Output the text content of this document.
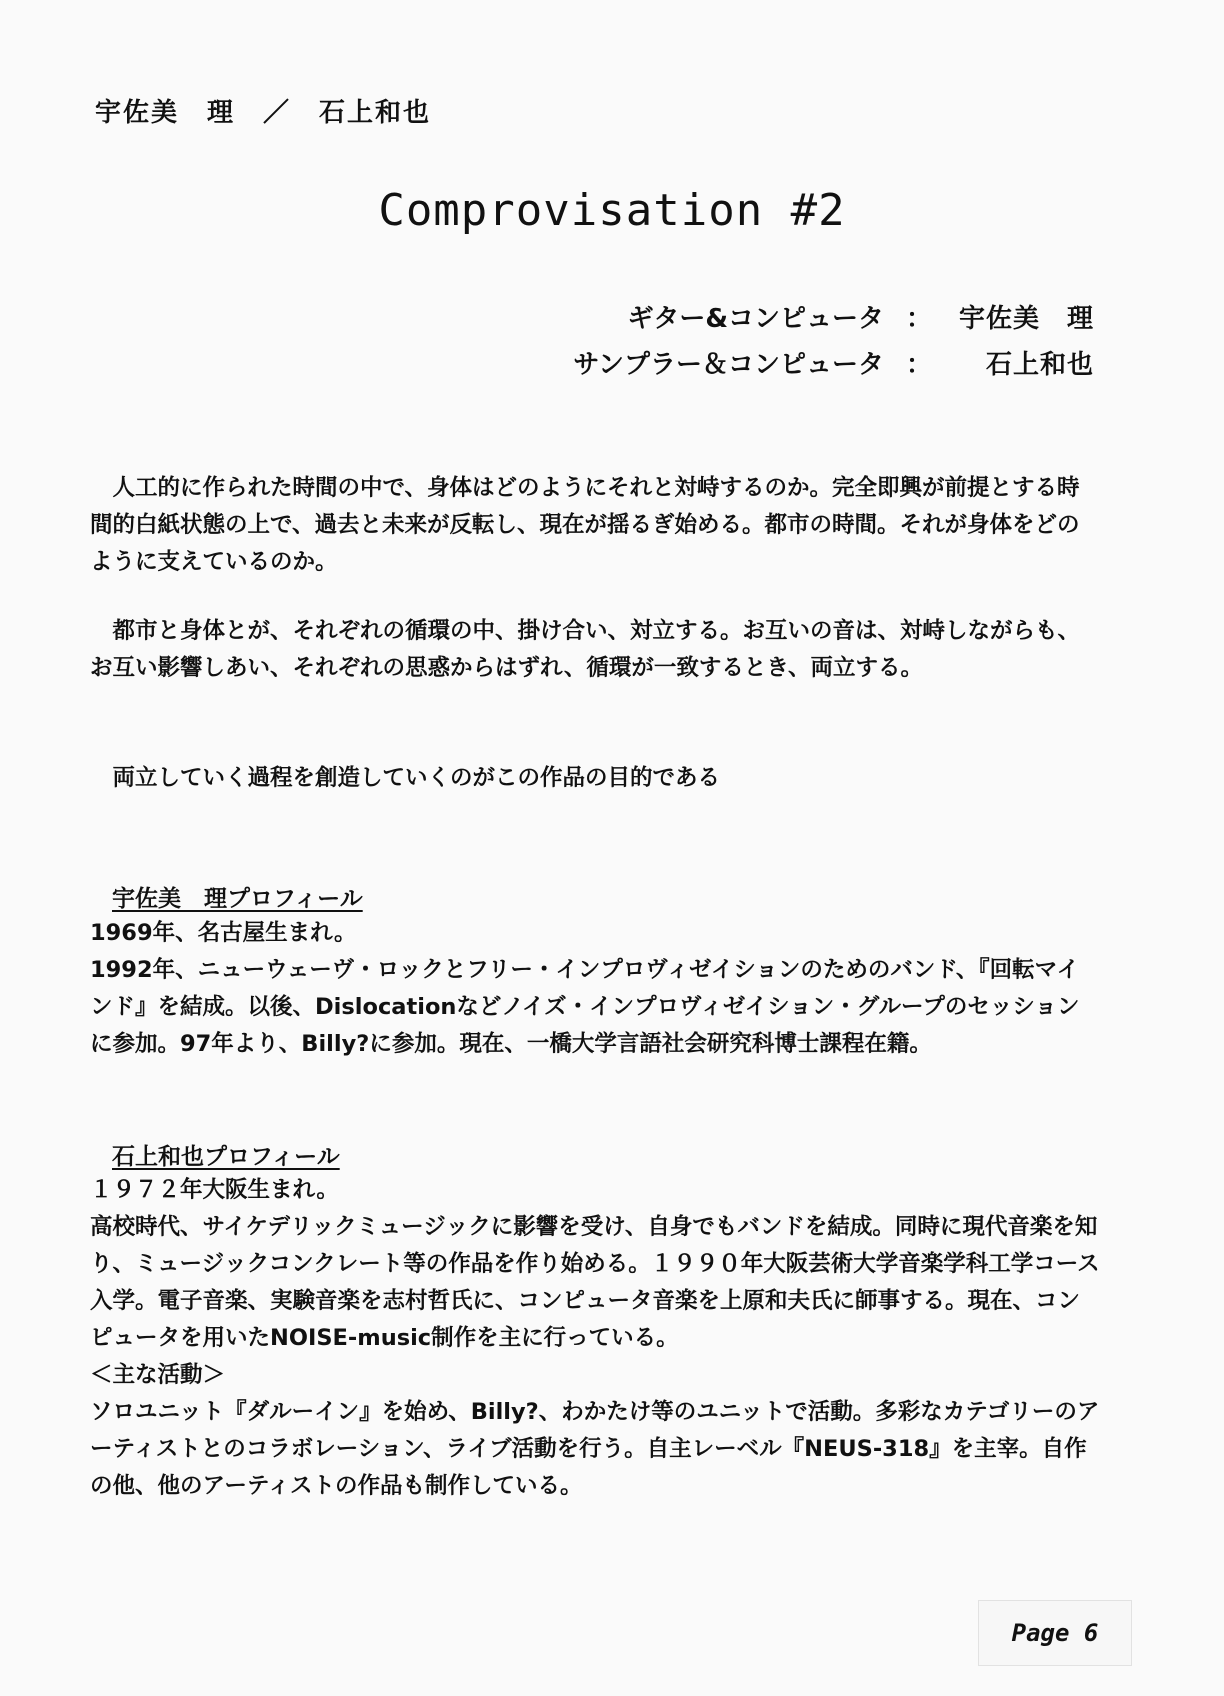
宇佐美　理　／　石上和也
Comprovisation #2
ギター&コンピュータ ：	宇佐美　理
サンプラー＆コンピュータ ：	石上和也

人工的に作られた時間の中で、身体はどのようにそれと対峙するのか。完全即興が前提とする時間的白紙状態の上で、過去と未来が反転し、現在が揺るぎ始める。都市の時間。それが身体をどのように支えているのか。

都市と身体とが、それぞれの循環の中、掛け合い、対立する。お互いの音は、対峙しながらも、お互い影響しあい、それぞれの思惑からはずれ、循環が一致するとき、両立する。

両立していく過程を創造していくのがこの作品の目的である

宇佐美　理プロフィール
1969年、名古屋生まれ。
1992年、ニューウェーヴ・ロックとフリー・インプロヴィゼイションのためのバンド、『回転マインド』を結成。以後、Dislocationなどノイズ・インプロヴィゼイション・グループのセッションに参加。97年より、Billy?に参加。現在、一橋大学言語社会研究科博士課程在籍。
石上和也プロフィール
１９７２年大阪生まれ。
高校時代、サイケデリックミュージックに影響を受け、自身でもバンドを結成。同時に現代音楽を知り、ミュージックコンクレート等の作品を作り始める。１９９０年大阪芸術大学音楽学科工学コース入学。電子音楽、実験音楽を志村哲氏に、コンピュータ音楽を上原和夫氏に師事する。現在、コンピュータを用いたNOISE-music制作を主に行っている。
＜主な活動＞
ソロユニット『ダルーイン』を始め、Billy?、わかたけ等のユニットで活動。多彩なカテゴリーのアーティストとのコラボレーション、ライブ活動を行う。自主レーベル『NEUS-318』を主宰。自作の他、他のアーティストの作品も制作している。
Page 6
